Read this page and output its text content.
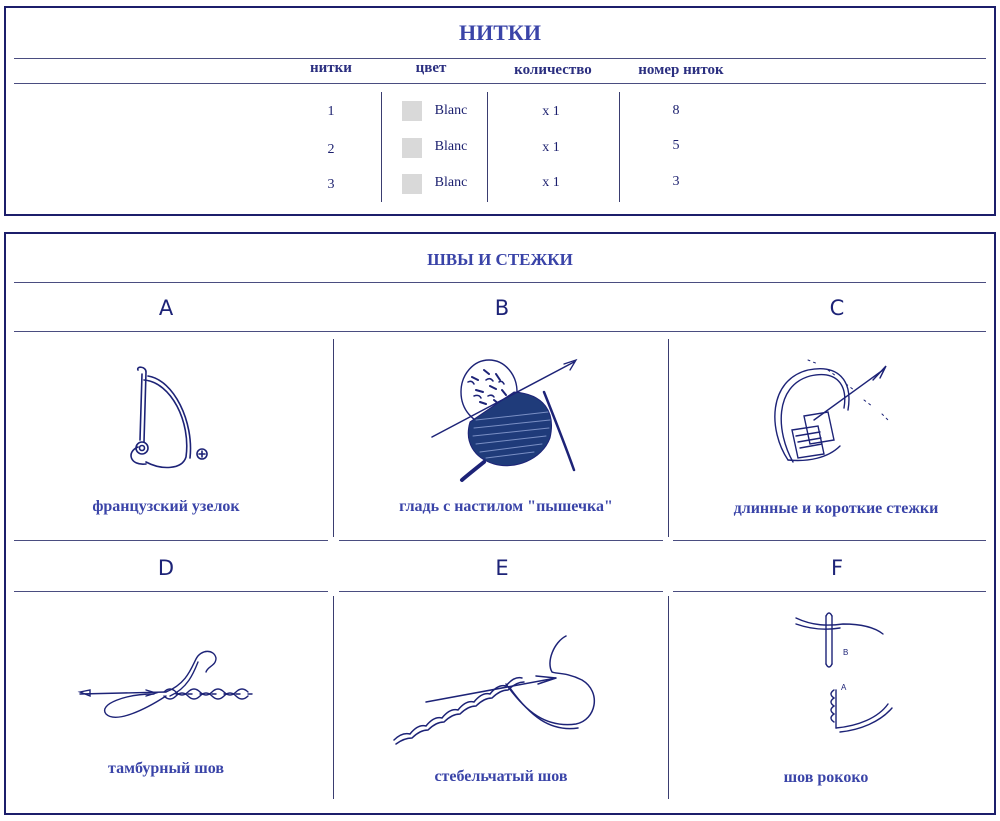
НИТКИ
нитки	цвет	количество	номер ниток
1	Blanc	x 1	8
2	Blanc	x 1	5
3	Blanc	x 1	3
ШВЫ И СТЕЖКИ
A	B	C
французский узелок	гладь с настилом "пышечка"	длинные и короткие стежки
D	E	F
B
A
тамбурный шов	стебельчатый шов	шов рококо
